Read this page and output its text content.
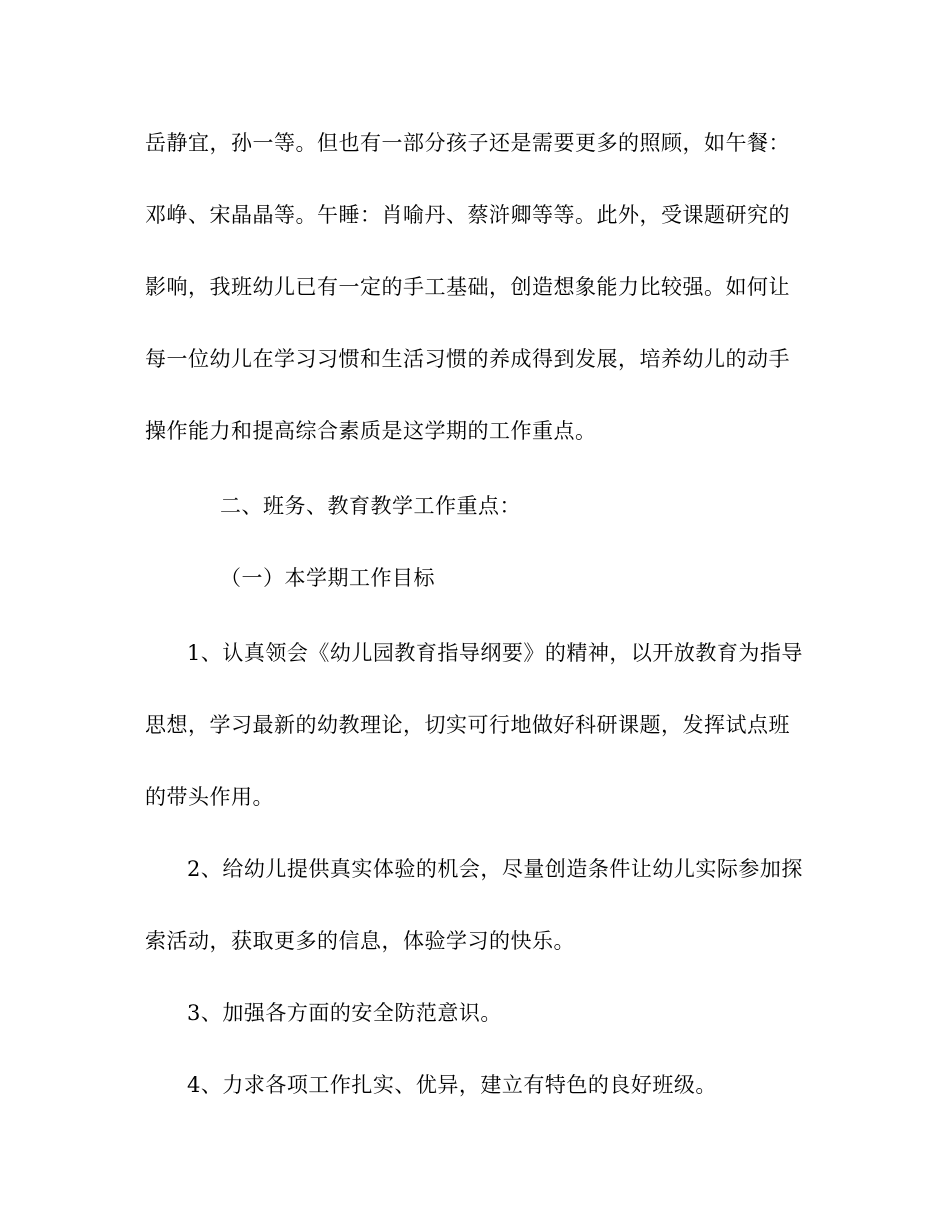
岳静宜，孙一等。但也有一部分孩子还是需要更多的照顾，如午餐：
邓峥、宋晶晶等。午睡：肖喻丹、蔡浒卿等等。此外，受课题研究的
影响，我班幼儿已有一定的手工基础，创造想象能力比较强。如何让
每一位幼儿在学习习惯和生活习惯的养成得到发展，培养幼儿的动手
操作能力和提高综合素质是这学期的工作重点。
二、班务、教育教学工作重点：
（一）本学期工作目标
1、认真领会《幼儿园教育指导纲要》的精神，以开放教育为指导
思想，学习最新的幼教理论，切实可行地做好科研课题，发挥试点班
的带头作用。
2、给幼儿提供真实体验的机会，尽量创造条件让幼儿实际参加探
索活动，获取更多的信息，体验学习的快乐。
3、加强各方面的安全防范意识。
4、力求各项工作扎实、优异，建立有特色的良好班级。
